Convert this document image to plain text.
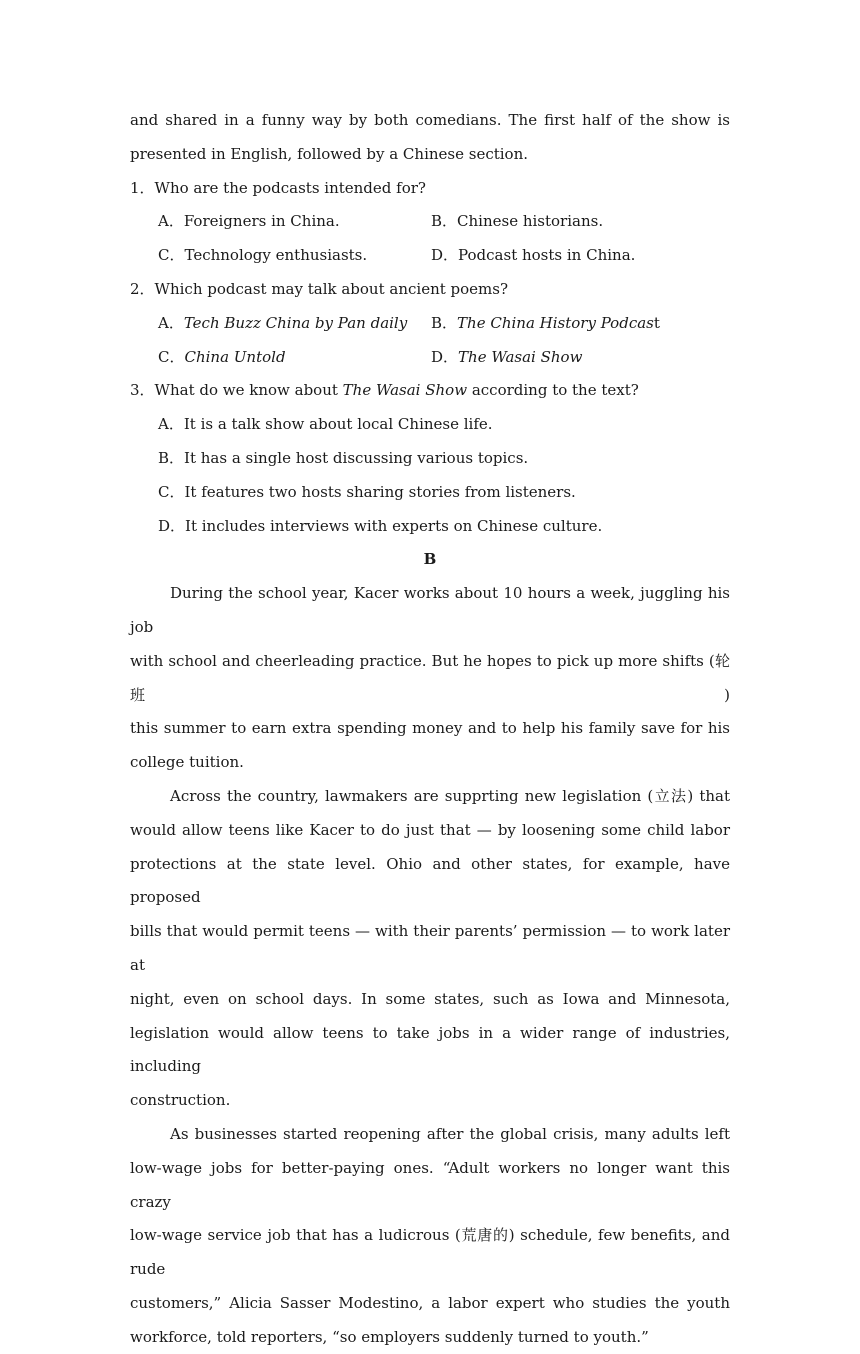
and shared in a funny way by both comedians. The first half of the show is
presented in English, followed by a Chinese section.
1．Who are the podcasts intended for?
A．Foreigners in China.	B．Chinese historians.
C．Technology enthusiasts.	D．Podcast hosts in China.
2．Which podcast may talk about ancient poems?
A．Tech Buzz China by Pan daily	B．The China History Podcast
C．China Untold	D．The Wasai Show
3．What do we know about The Wasai Show according to the text?
A．It is a talk show about local Chinese life.
B．It has a single host discussing various topics.
C．It features two hosts sharing stories from listeners.
D．It includes interviews with experts on Chinese culture.
B
During the school year, Kacer works about 10 hours a week, juggling his job
with school and cheerleading practice. But he hopes to pick up more shifts (轮班)
this summer to earn extra spending money and to help his family save for his
college tuition.
Across the country, lawmakers are supprting new legislation (立法) that
would allow teens like Kacer to do just that — by loosening some child labor
protections at the state level. Ohio and other states, for example, have proposed
bills that would permit teens — with their parents’ permission — to work later at
night, even on school days. In some states, such as Iowa and Minnesota,
legislation would allow teens to take jobs in a wider range of industries, including
construction.
As businesses started reopening after the global crisis, many adults left
low-wage jobs for better-paying ones. “Adult workers no longer want this crazy
low-wage service job that has a ludicrous (荒唐的) schedule, few benefits, and rude
customers,” Alicia Sasser Modestino, a labor expert who studies the youth
workforce, told reporters, “so employers suddenly turned to youth.”
